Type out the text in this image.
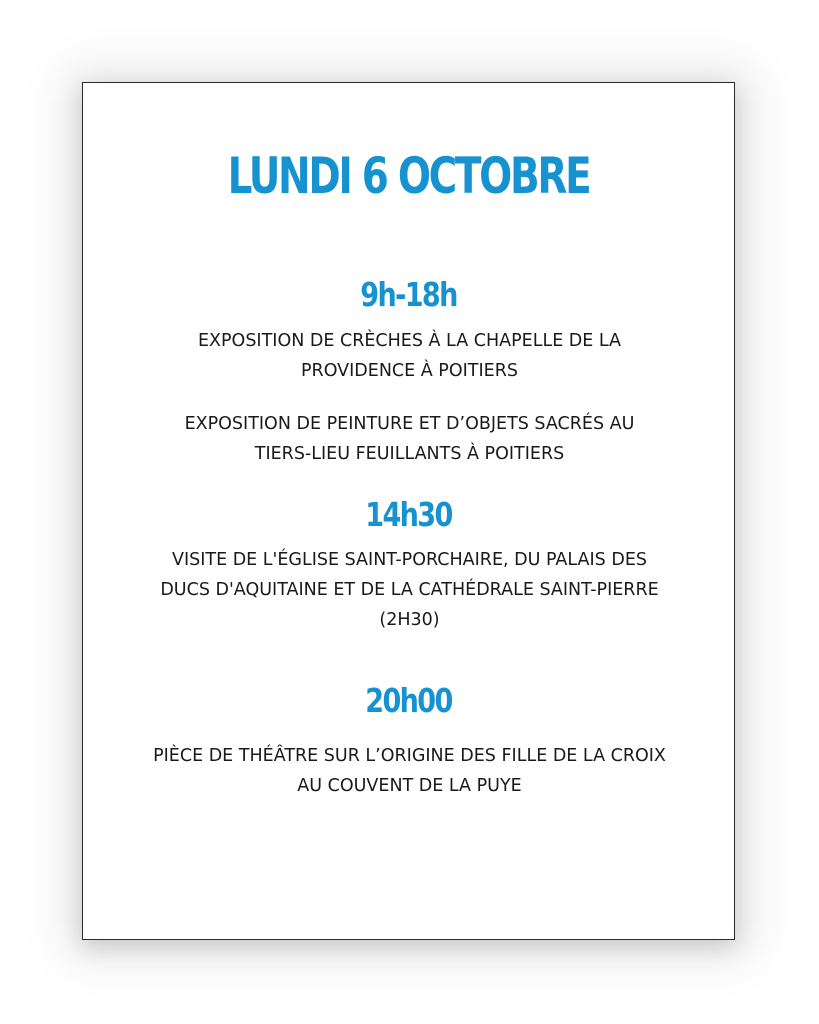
LUNDI 6 OCTOBRE
9h-18h

EXPOSITION DE CRÈCHES À LA CHAPELLE DE LA

PROVIDENCE À POITIERS

EXPOSITION DE PEINTURE ET D’OBJETS SACRÉS AU

TIERS-LIEU FEUILLANTS À POITIERS

14h30

VISITE DE L'ÉGLISE SAINT-PORCHAIRE, DU PALAIS DES

DUCS D'AQUITAINE ET DE LA CATHÉDRALE SAINT-PIERRE

(2H30)

20h00

PIÈCE DE THÉÂTRE SUR L’ORIGINE DES FILLE DE LA CROIX

AU COUVENT DE LA PUYE
